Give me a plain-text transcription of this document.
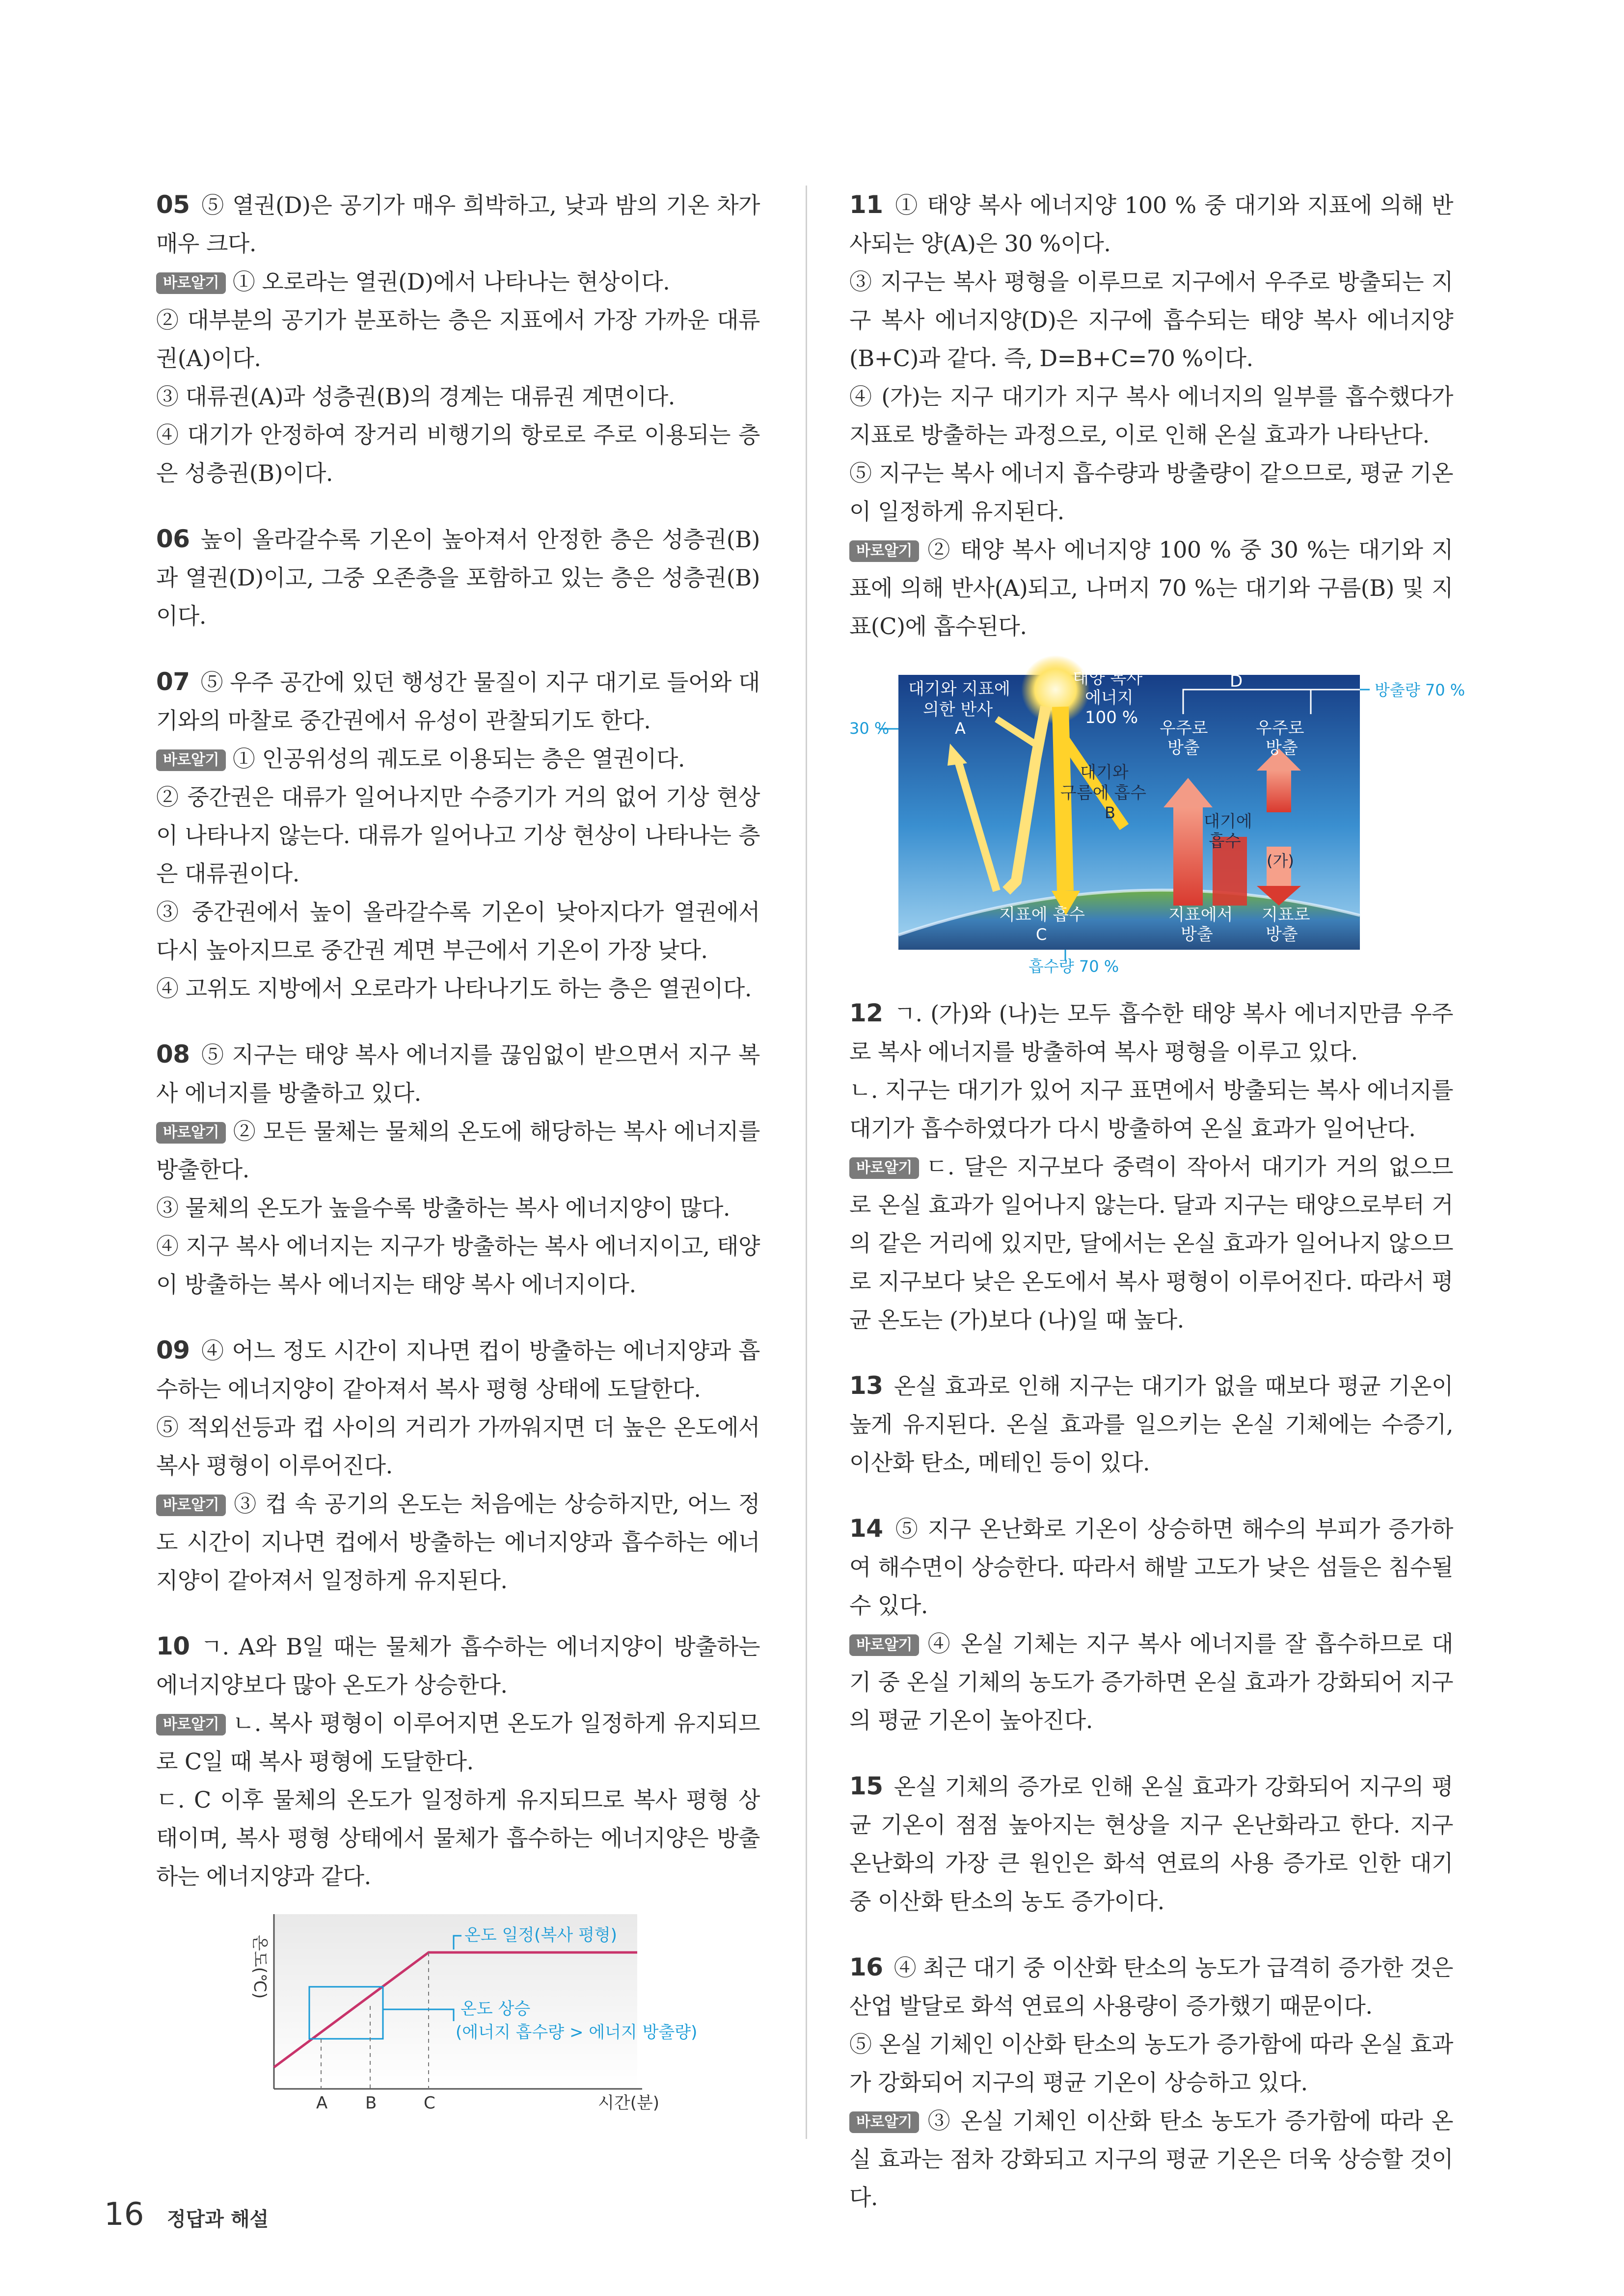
05 ⑤ 열권(D)은 공기가 매우 희박하고, 낮과 밤의 기온 차가 매우 크다.

바로알기 ① 오로라는 열권(D)에서 나타나는 현상이다.

② 대부분의 공기가 분포하는 층은 지표에서 가장 가까운 대류권(A)이다.

③ 대류권(A)과 성층권(B)의 경계는 대류권 계면이다.

④ 대기가 안정하여 장거리 비행기의 항로로 주로 이용되는 층은 성층권(B)이다.

06 높이 올라갈수록 기온이 높아져서 안정한 층은 성층권(B)과 열권(D)이고, 그중 오존층을 포함하고 있는 층은 성층권(B)이다.

07 ⑤ 우주 공간에 있던 행성간 물질이 지구 대기로 들어와 대기와의 마찰로 중간권에서 유성이 관찰되기도 한다.

바로알기 ① 인공위성의 궤도로 이용되는 층은 열권이다.

② 중간권은 대류가 일어나지만 수증기가 거의 없어 기상 현상이 나타나지 않는다. 대류가 일어나고 기상 현상이 나타나는 층은 대류권이다.

③ 중간권에서 높이 올라갈수록 기온이 낮아지다가 열권에서 다시 높아지므로 중간권 계면 부근에서 기온이 가장 낮다.

④ 고위도 지방에서 오로라가 나타나기도 하는 층은 열권이다.

08 ⑤ 지구는 태양 복사 에너지를 끊임없이 받으면서 지구 복사 에너지를 방출하고 있다.

바로알기 ② 모든 물체는 물체의 온도에 해당하는 복사 에너지를 방출한다.

③ 물체의 온도가 높을수록 방출하는 복사 에너지양이 많다.

④ 지구 복사 에너지는 지구가 방출하는 복사 에너지이고, 태양이 방출하는 복사 에너지는 태양 복사 에너지이다.

09 ④ 어느 정도 시간이 지나면 컵이 방출하는 에너지양과 흡수하는 에너지양이 같아져서 복사 평형 상태에 도달한다.

⑤ 적외선등과 컵 사이의 거리가 가까워지면 더 높은 온도에서 복사 평형이 이루어진다.

바로알기 ③ 컵 속 공기의 온도는 처음에는 상승하지만, 어느 정도 시간이 지나면 컵에서 방출하는 에너지양과 흡수하는 에너지양이 같아져서 일정하게 유지된다.

10 ㄱ. A와 B일 때는 물체가 흡수하는 에너지양이 방출하는 에너지양보다 많아 온도가 상승한다.

바로알기 ㄴ. 복사 평형이 이루어지면 온도가 일정하게 유지되므로 C일 때 복사 평형에 도달한다.

ㄷ. C 이후 물체의 온도가 일정하게 유지되므로 복사 평형 상태이며, 복사 평형 상태에서 물체가 흡수하는 에너지양은 방출하는 에너지양과 같다.

온도(℃)
A B	C	시간(분)
온도 일정(복사 평형)
온도 상승
(에너지 흡수량 > 에너지 방출량)

11 ① 태양 복사 에너지양 100 % 중 대기와 지표에 의해 반사되는 양(A)은 30 %이다.

③ 지구는 복사 평형을 이루므로 지구에서 우주로 방출되는 지구 복사 에너지양(D)은 지구에 흡수되는 태양 복사 에너지양(B+C)과 같다. 즉, D=B+C=70 %이다.

④ (가)는 지구 대기가 지구 복사 에너지의 일부를 흡수했다가 지표로 방출하는 과정으로, 이로 인해 온실 효과가 나타난다.

⑤ 지구는 복사 에너지 흡수량과 방출량이 같으므로, 평균 기온이 일정하게 유지된다.

바로알기 ② 태양 복사 에너지양 100 % 중 30 %는 대기와 지표에 의해 반사(A)되고, 나머지 70 %는 대기와 구름(B) 및 지표(C)에 흡수된다.

D	방출량 70 %
대기와 지표에
의한 반사
A
30 %
태양 복사
에너지
100 %
우주로
방출
우주로
방출
대기와
구름에 흡수
B	대기에
흡수
(가)
지표에 흡수
C
지표에서
방출
지표로
방출
흡수량 70 %

12 ㄱ. (가)와 (나)는 모두 흡수한 태양 복사 에너지만큼 우주로 복사 에너지를 방출하여 복사 평형을 이루고 있다.

ㄴ. 지구는 대기가 있어 지구 표면에서 방출되는 복사 에너지를 대기가 흡수하였다가 다시 방출하여 온실 효과가 일어난다.

바로알기 ㄷ. 달은 지구보다 중력이 작아서 대기가 거의 없으므로 온실 효과가 일어나지 않는다. 달과 지구는 태양으로부터 거의 같은 거리에 있지만, 달에서는 온실 효과가 일어나지 않으므로 지구보다 낮은 온도에서 복사 평형이 이루어진다. 따라서 평균 온도는 (가)보다 (나)일 때 높다.

13 온실 효과로 인해 지구는 대기가 없을 때보다 평균 기온이 높게 유지된다. 온실 효과를 일으키는 온실 기체에는 수증기, 이산화 탄소, 메테인 등이 있다.

14 ⑤ 지구 온난화로 기온이 상승하면 해수의 부피가 증가하여 해수면이 상승한다. 따라서 해발 고도가 낮은 섬들은 침수될 수 있다.

바로알기 ④ 온실 기체는 지구 복사 에너지를 잘 흡수하므로 대기 중 온실 기체의 농도가 증가하면 온실 효과가 강화되어 지구의 평균 기온이 높아진다.

15 온실 기체의 증가로 인해 온실 효과가 강화되어 지구의 평균 기온이 점점 높아지는 현상을 지구 온난화라고 한다. 지구 온난화의 가장 큰 원인은 화석 연료의 사용 증가로 인한 대기 중 이산화 탄소의 농도 증가이다.

16 ④ 최근 대기 중 이산화 탄소의 농도가 급격히 증가한 것은 산업 발달로 화석 연료의 사용량이 증가했기 때문이다.

⑤ 온실 기체인 이산화 탄소의 농도가 증가함에 따라 온실 효과가 강화되어 지구의 평균 기온이 상승하고 있다.

바로알기 ③ 온실 기체인 이산화 탄소 농도가 증가함에 따라 온실 효과는 점차 강화되고 지구의 평균 기온은 더욱 상승할 것이다.

16 정답과 해설
